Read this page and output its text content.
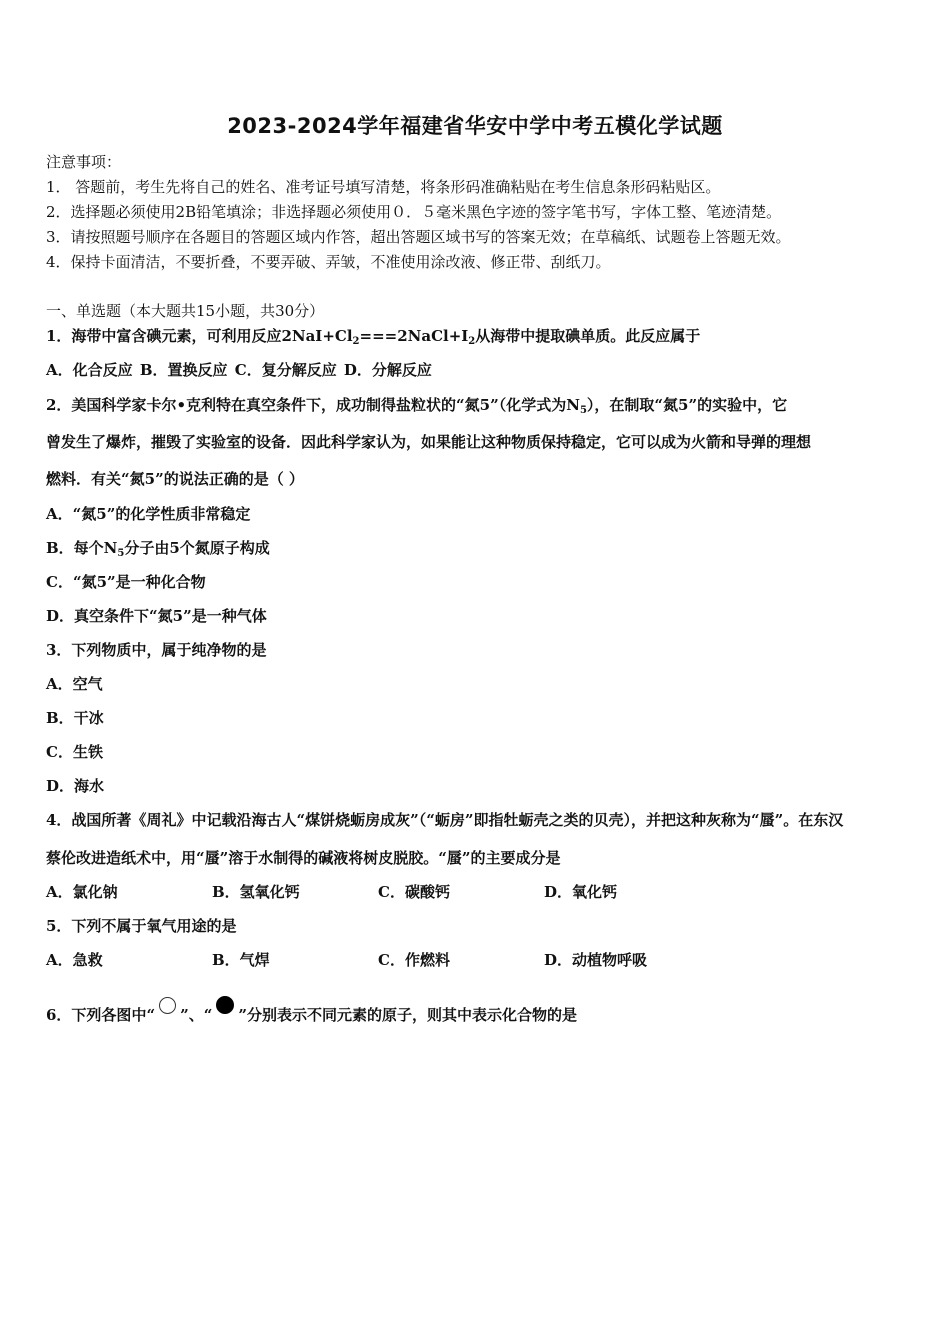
2023-2024学年福建省华安中学中考五模化学试题
注意事项：
1． 答题前，考生先将自己的姓名、准考证号填写清楚，将条形码准确粘贴在考生信息条形码粘贴区。
2．选择题必须使用2B铅笔填涂；非选择题必须使用０．５毫米黑色字迹的签字笔书写，字体工整、笔迹清楚。
3．请按照题号顺序在各题目的答题区域内作答，超出答题区域书写的答案无效；在草稿纸、试题卷上答题无效。
4．保持卡面清洁，不要折叠，不要弄破、弄皱，不准使用涂改液、修正带、刮纸刀。
一、单选题（本大题共15小题，共30分）
1．海带中富含碘元素，可利用反应$2NaI+Cl_2===2NaCl+I_2$从海带中提取碘单质。此反应属于
A．化合反应 B．置换反应 C．复分解反应 D．分解反应
2．美国科学家卡尔•克利特在真空条件下，成功制得盐粒状的“氮5”（化学式为$N_5$），在制取“氮5”的实验中，它
曾发生了爆炸，摧毁了实验室的设备．因此科学家认为，如果能让这种物质保持稳定，它可以成为火箭和导弹的理想
燃料．有关“氮5”的说法正确的是（ ）
A．“氮5”的化学性质非常稳定
B．每个$N_5$分子由5个氮原子构成
C．“氮5”是一种化合物
D．真空条件下“氮5”是一种气体
3．下列物质中，属于纯净物的是
A．空气
B．干冰
C．生铁
D．海水
4．战国所著《周礼》中记载沿海古人“煤饼烧蛎房成灰”（“蛎房”即指牡蛎壳之类的贝壳），并把这种灰称为“蜃”。在东汉
蔡伦改进造纸术中，用“蜃”溶于水制得的碱液将树皮脱胶。“蜃”的主要成分是
A．氯化钠	B．氢氧化钙	C．碳酸钙	D．氧化钙
5．下列不属于氧气用途的是
A．急救	B．气焊	C．作燃料	D．动植物呼吸
6．下列各图中“ ”、“ ”分别表示不同元素的原子，则其中表示化合物的是
